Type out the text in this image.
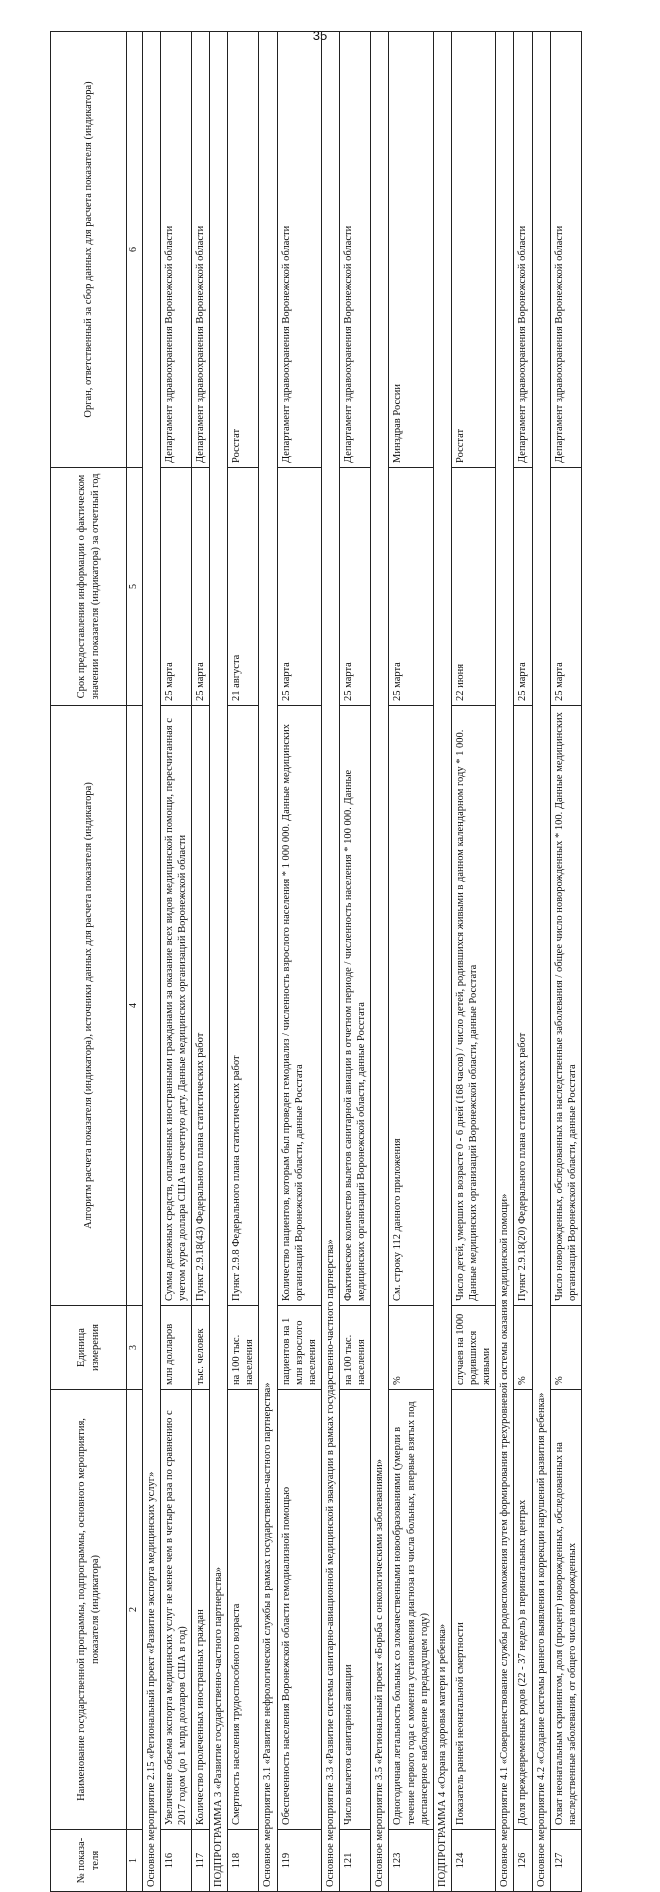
35
№ показа-теля	Наименование государственной программы, подпрограммы, основного мероприятия, показателя (индикатора)	Единица измерения	Алгоритм расчета показателя (индикатора), источники данных для расчета показателя (индикатора)	Срок предоставления информации о фактическом значении показателя (индикатора) за отчетный год	Орган, ответственный за сбор данных для расчета показателя (индикатора)
1	2	3	4	5	6
Основное мероприятие 2.15 «Региональный проект «Развитие экспорта медицинских услуг»					
116	Увеличение объема экспорта медицинских услуг не менее чем в четыре раза по сравнению с 2017 годом (до 1 млрд долларов США в год)	млн долларов	Сумма денежных средств, оплаченных иностранными гражданами за оказание всех видов медицинской помощи, пересчитанная с учетом курса доллара США на отчетную дату. Данные медицинских организаций Воронежской области	25 марта	Департамент здравоохранения Воронежской области
117	Количество пролеченных иностранных граждан	тыс. человек	Пункт 2.9.18(43) Федерального плана статистических работ	25 марта	Департамент здравоохранения Воронежской области
ПОДПРОГРАММА 3 «Развитие государственно-частного партнерства»					
118	Смертность населения трудоспособного возраста	на 100 тыс. населения	Пункт 2.9.8 Федерального плана статистических работ	21 августа	Росстат
Основное мероприятие 3.1 «Развитие нефрологической службы в рамках государственно-частного партнерства»					
119	Обеспеченность населения Воронежской области гемодиализной помощью	пациентов на 1 млн взрослого населения	Количество пациентов, которым был проведен гемодиализ / численность взрослого населения * 1 000 000. Данные медицинских организаций Воронежской области, данные Росстата	25 марта	Департамент здравоохранения Воронежской области
Основное мероприятие 3.3 «Развитие системы санитарно-авиационной медицинской эвакуации в рамках государственно-частного партнерства»					
121	Число вылетов санитарной авиации	на 100 тыс. населения	Фактическое количество вылетов санитарной авиации в отчетном периоде / численность населения * 100 000. Данные медицинских организаций Воронежской области, данные Росстата	25 марта	Департамент здравоохранения Воронежской области
Основное мероприятие 3.5 «Региональный проект «Борьба с онкологическими заболеваниями»					
123	Одногодичная летальность больных со злокачественными новообразованиями (умерли в течение первого года с момента установления диагноза из числа больных, впервые взятых под диспансерное наблюдение в предыдущем году)	%	См. строку 112 данного приложения	25 марта	Минздрав России
ПОДПРОГРАММА 4 «Охрана здоровья матери и ребенка»					
124	Показатель ранней неонатальной смертности	случаев на 1000 родившихся живыми	Число детей, умерших в возрасте 0 - 6 дней (168 часов) / число детей, родившихся живыми в данном календарном году * 1 000. Данные медицинских организаций Воронежской области, данные Росстата	22 июня	Росстат
Основное мероприятие 4.1 «Совершенствование службы родовспоможения путем формирования трехуровневой системы оказания медицинской помощи»					
126	Доля преждевременных родов (22 - 37 недель) в перинатальных центрах	%	Пункт 2.9.18(20) Федерального плана статистических работ	25 марта	Департамент здравоохранения Воронежской области
Основное мероприятие 4.2 «Создание системы раннего выявления и коррекции нарушений развития ребенка»					
127	Охват неонатальным скринингом, доля (процент) новорожденных, обследованных на наследственные заболевания, от общего числа новорожденных	%	Число новорожденных, обследованных на наследственные заболевания / общее число новорожденных * 100. Данные медицинских организаций Воронежской области, данные Росстата	25 марта	Департамент здравоохранения Воронежской области
